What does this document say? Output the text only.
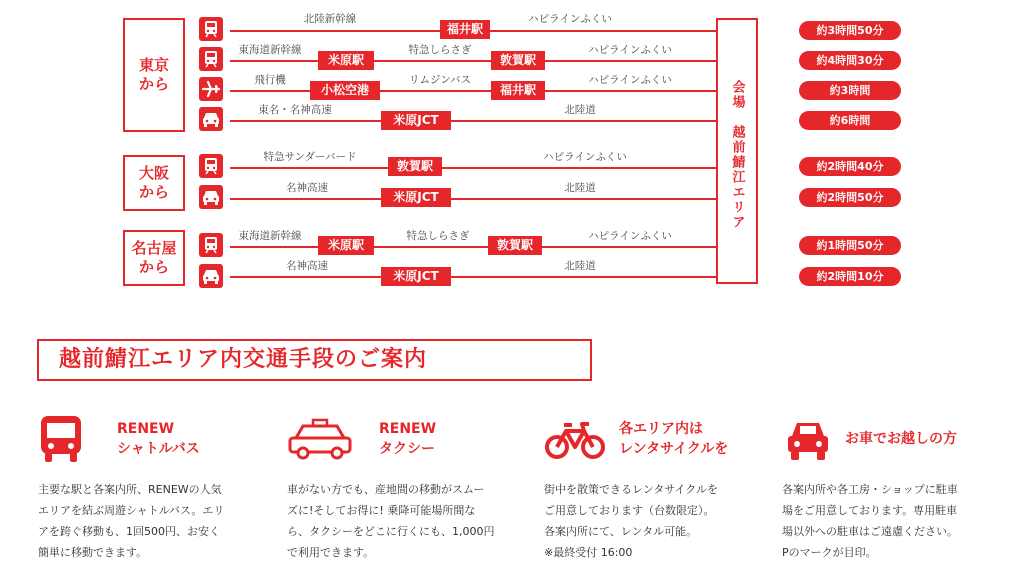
東京
から
大阪
から
名古屋
から
北陸新幹線
福井駅
ハピラインふくい
東海道新幹線
米原駅
特急しらさぎ
敦賀駅
ハピラインふくい
飛行機
小松空港
リムジンバス
福井駅
ハピラインふくい
東名・名神高速
米原JCT
北陸道
特急サンダーバード
敦賀駅
ハピラインふくい
名神高速
米原JCT
北陸道
東海道新幹線
米原駅
特急しらさぎ
敦賀駅
ハピラインふくい
名神高速
米原JCT
北陸道
会場　越前鯖江エリア
約3時間50分
約4時間30分
約3時間
約6時間
約2時間40分
約2時間50分
約1時間50分
約2時間10分
越前鯖江エリア内交通手段のご案内
RENEW
シャトルバス
主要な駅と各案内所、RENEWの人気
エリアを結ぶ周遊シャトルバス。エリ
アを跨ぐ移動も、1回500円、お安く
簡単に移動できます。
RENEW
タクシー
車がない方でも、産地間の移動がスムー
ズに!そしてお得に! 乗降可能場所間な
ら、タクシーをどこに行くにも、1,000円
で利用できます。
各エリア内は
レンタサイクルを
街中を散策できるレンタサイクルを
ご用意しております（台数限定）。
各案内所にて、レンタル可能。
※最終受付 16:00
お車でお越しの方
各案内所や各工房・ショップに駐車
場をご用意しております。専用駐車
場以外への駐車はご遠慮ください。
Pのマークが目印。
